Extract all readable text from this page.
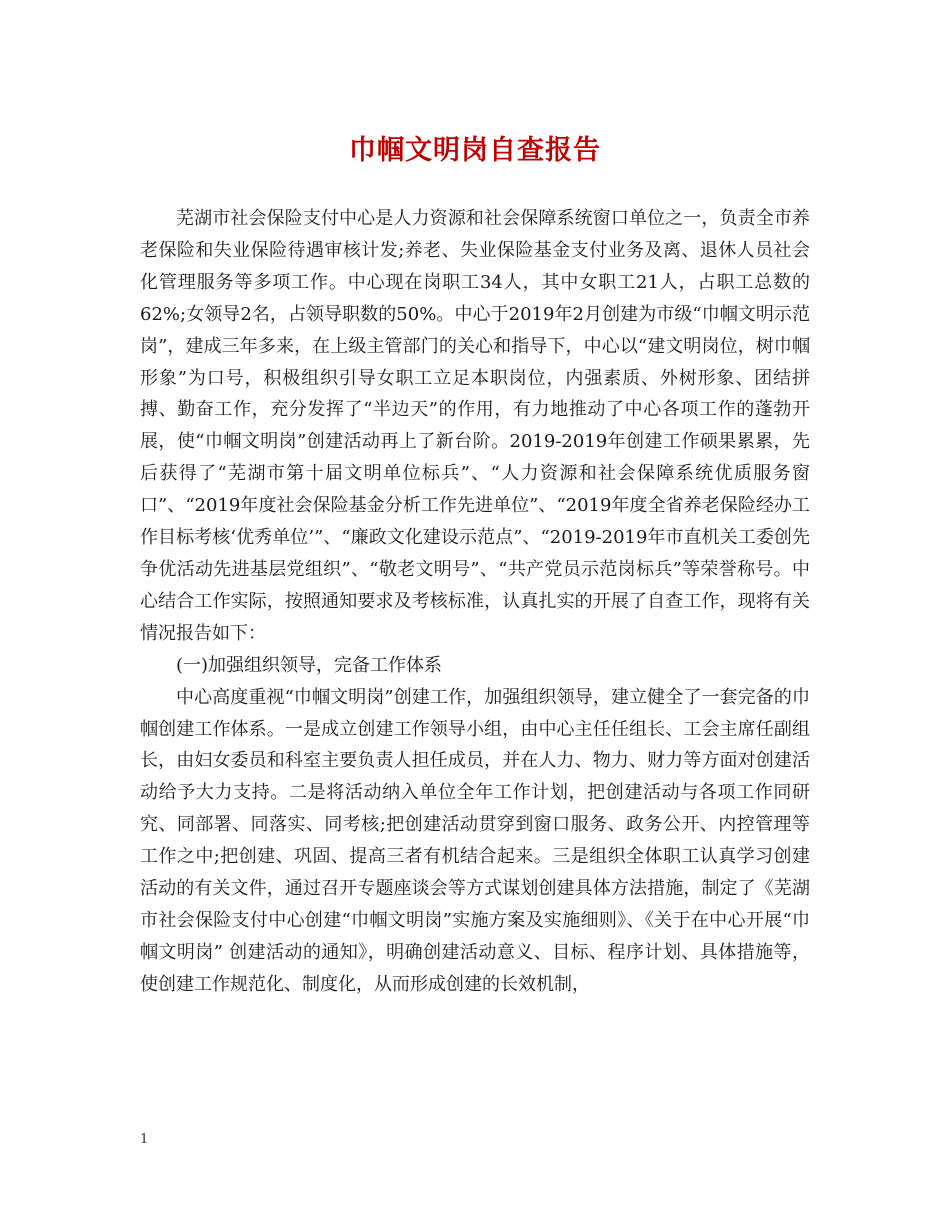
巾帼文明岗自查报告

芜湖市社会保险支付中心是人力资源和社会保障系统窗口单位之一，负责全市养老保险和失业保险待遇审核计发;养老、失业保险基金支付业务及离、退休人员社会化管理服务等多项工作。中心现在岗职工34人，其中女职工21人，占职工总数的62%;女领导2名，占领导职数的50%。中心于2019年2月创建为市级“巾帼文明示范岗”，建成三年多来，在上级主管部门的关心和指导下，中心以“建文明岗位，树巾帼形象”为口号，积极组织引导女职工立足本职岗位，内强素质、外树形象、团结拼搏、勤奋工作，充分发挥了“半边天”的作用，有力地推动了中心各项工作的蓬勃开展，使“巾帼文明岗”创建活动再上了新台阶。2019-2019年创建工作硕果累累，先后获得了“芜湖市第十届文明单位标兵”、“人力资源和社会保障系统优质服务窗口”、“2019年度社会保险基金分析工作先进单位”、“2019年度全省养老保险经办工作目标考核‘优秀单位’”、“廉政文化建设示范点”、“2019-2019年市直机关工委创先争优活动先进基层党组织”、“敬老文明号”、“共产党员示范岗标兵”等荣誉称号。中心结合工作实际，按照通知要求及考核标准，认真扎实的开展了自查工作，现将有关情况报告如下：

(一)加强组织领导，完备工作体系

中心高度重视“巾帼文明岗”创建工作，加强组织领导，建立健全了一套完备的巾帼创建工作体系。一是成立创建工作领导小组，由中心主任任组长、工会主席任副组长，由妇女委员和科室主要负责人担任成员，并在人力、物力、财力等方面对创建活动给予大力支持。二是将活动纳入单位全年工作计划，把创建活动与各项工作同研究、同部署、同落实、同考核;把创建活动贯穿到窗口服务、政务公开、内控管理等工作之中;把创建、巩固、提高三者有机结合起来。三是组织全体职工认真学习创建活动的有关文件，通过召开专题座谈会等方式谋划创建具体方法措施，制定了《芜湖市社会保险支付中心创建“巾帼文明岗”实施方案及实施细则》、《关于在中心开展“巾帼文明岗” 创建活动的通知》，明确创建活动意义、目标、程序计划、具体措施等，使创建工作规范化、制度化，从而形成创建的长效机制，

1
